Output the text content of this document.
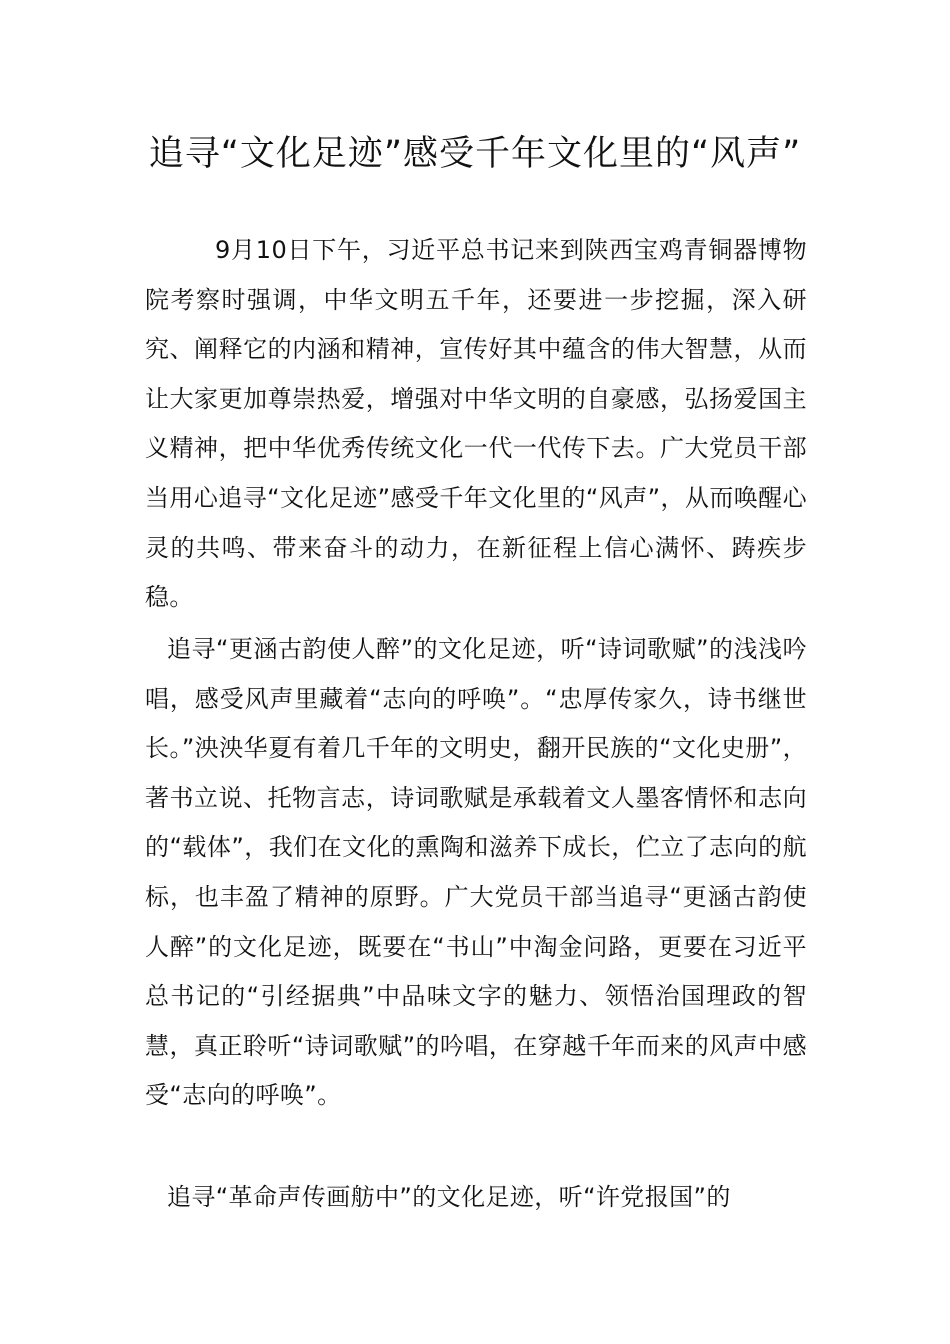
追寻“文化足迹”感受千年文化里的“风声”

9月10日下午，习近平总书记来到陕西宝鸡青铜器博物院考察时强调，中华文明五千年，还要进一步挖掘，深入研究、阐释它的内涵和精神，宣传好其中蕴含的伟大智慧，从而让大家更加尊崇热爱，增强对中华文明的自豪感，弘扬爱国主义精神，把中华优秀传统文化一代一代传下去。广大党员干部当用心追寻“文化足迹”感受千年文化里的“风声”，从而唤醒心灵的共鸣、带来奋斗的动力，在新征程上信心满怀、踌疾步稳。

追寻“更涵古韵使人醉”的文化足迹，听“诗词歌赋”的浅浅吟唱，感受风声里藏着“志向的呼唤”。“忠厚传家久，诗书继世长。”泱泱华夏有着几千年的文明史，翻开民族的“文化史册”，著书立说、托物言志，诗词歌赋是承载着文人墨客情怀和志向的“载体”，我们在文化的熏陶和滋养下成长，伫立了志向的航标，也丰盈了精神的原野。广大党员干部当追寻“更涵古韵使人醉”的文化足迹，既要在“书山”中淘金问路，更要在习近平总书记的“引经据典”中品味文字的魅力、领悟治国理政的智慧，真正聆听“诗词歌赋”的吟唱，在穿越千年而来的风声中感受“志向的呼唤”。

追寻“革命声传画舫中”的文化足迹，听“许党报国”的
